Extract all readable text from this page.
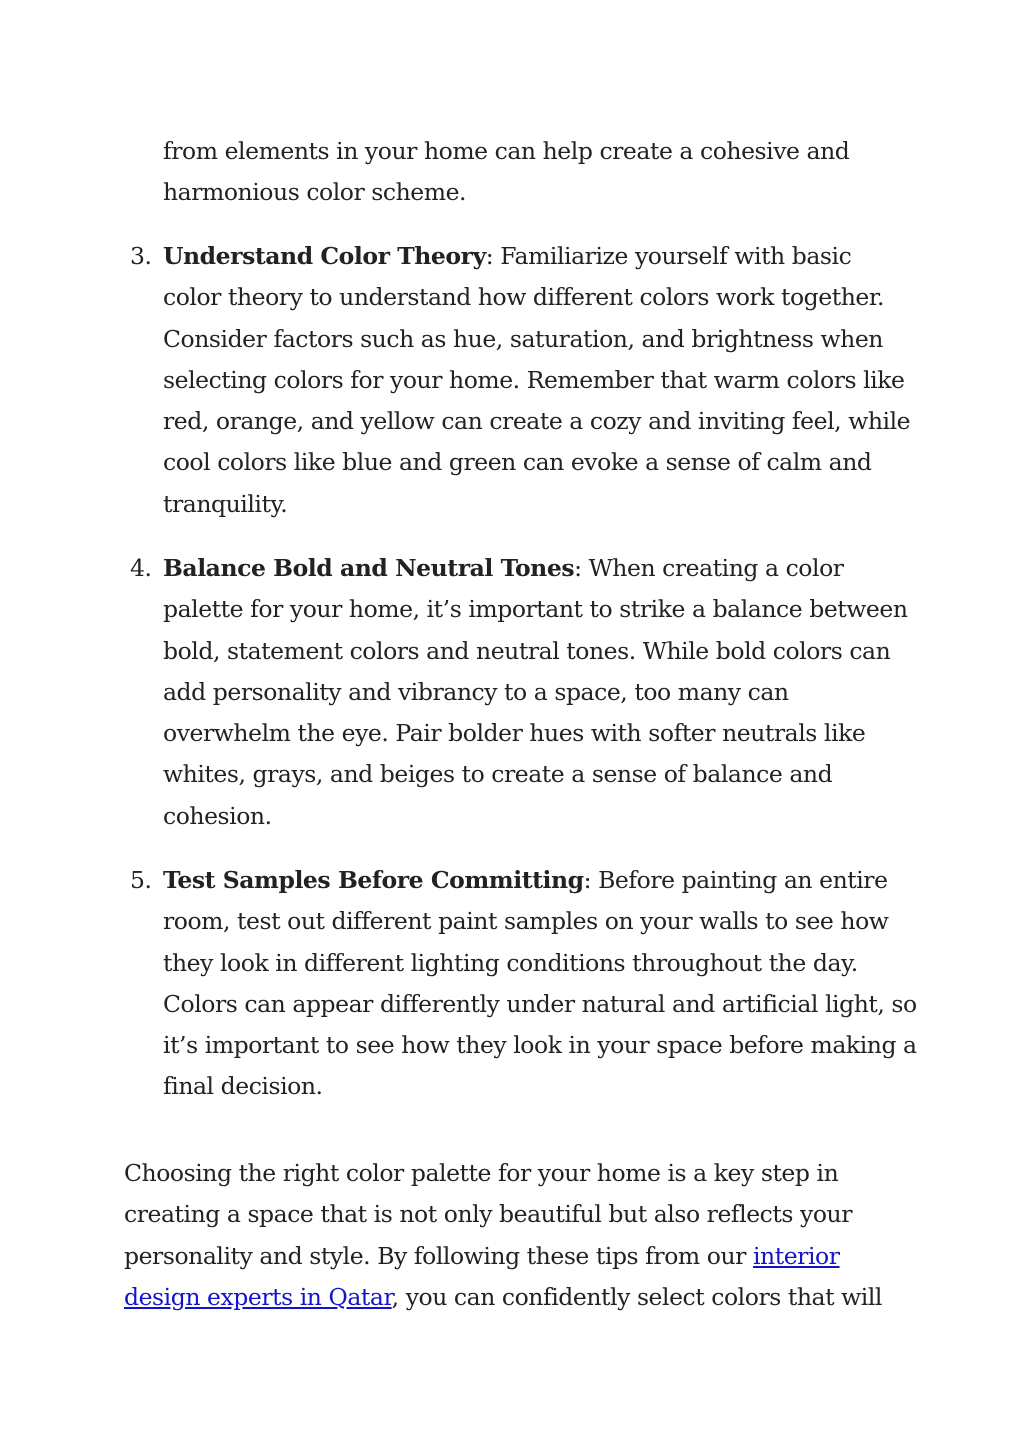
from elements in your home can help create a cohesive and
harmonious color scheme.
3. Understand Color Theory: Familiarize yourself with basic
color theory to understand how different colors work together.
Consider factors such as hue, saturation, and brightness when
selecting colors for your home. Remember that warm colors like
red, orange, and yellow can create a cozy and inviting feel, while
cool colors like blue and green can evoke a sense of calm and
tranquility.
4. Balance Bold and Neutral Tones: When creating a color
palette for your home, it’s important to strike a balance between
bold, statement colors and neutral tones. While bold colors can
add personality and vibrancy to a space, too many can
overwhelm the eye. Pair bolder hues with softer neutrals like
whites, grays, and beiges to create a sense of balance and
cohesion.
5. Test Samples Before Committing: Before painting an entire
room, test out different paint samples on your walls to see how
they look in different lighting conditions throughout the day.
Colors can appear differently under natural and artificial light, so
it’s important to see how they look in your space before making a
final decision.
Choosing the right color palette for your home is a key step in
creating a space that is not only beautiful but also reflects your
personality and style. By following these tips from our interior
design experts in Qatar, you can confidently select colors that will
